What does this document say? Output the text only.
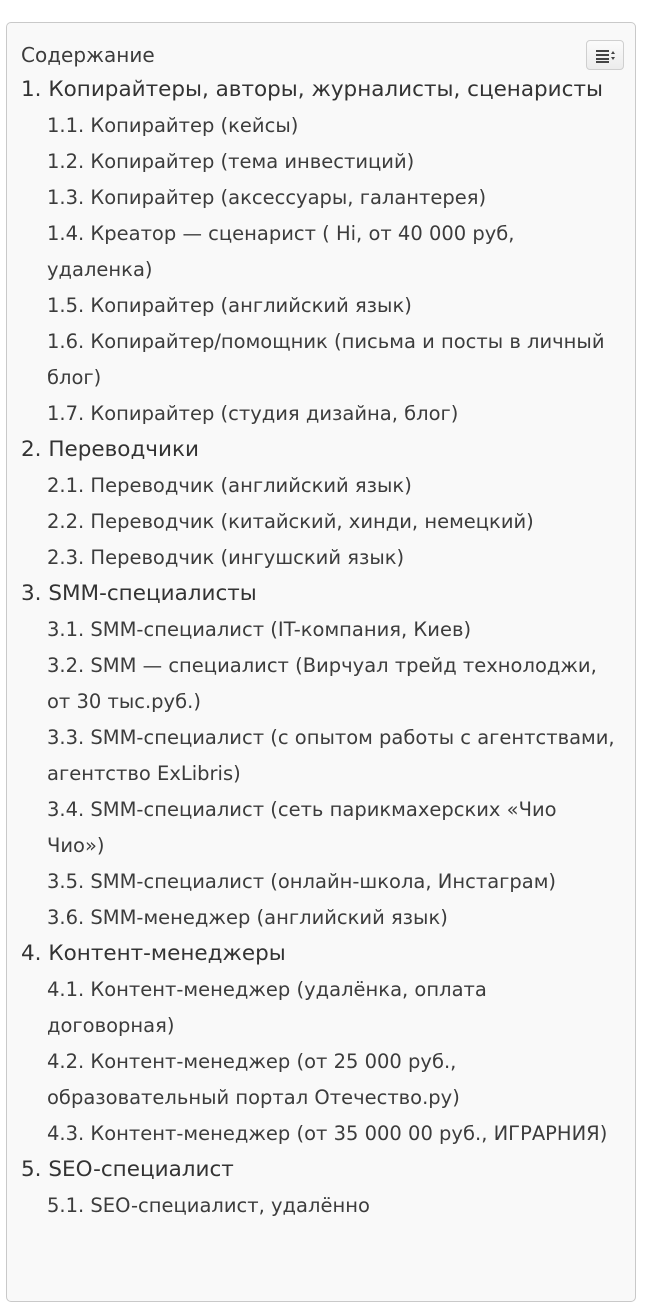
Содержание
1. Копирайтеры, авторы, журналисты, сценаристы
1.1. Копирайтер (кейсы)
1.2. Копирайтер (тема инвестиций)
1.3. Копирайтер (аксессуары, галантерея)
1.4. Креатор — сценарист ( Hi, от 40 000 руб, удаленка)
1.5. Копирайтер (английский язык)
1.6. Копирайтер/помощник (письма и посты в личный блог)
1.7. Копирайтер (студия дизайна, блог)
2. Переводчики
2.1. Переводчик (английский язык)
2.2. Переводчик (китайский, хинди, немецкий)
2.3. Переводчик (ингушский язык)
3. SMM-специалисты
3.1. SMM-специалист (IT-компания, Киев)
3.2. SMM — специалист (Вирчуал трейд технолоджи, от 30 тыс.руб.)
3.3. SMM-специалист (с опытом работы с агентствами, агентство ExLibris)
3.4. SMM-специалист (сеть парикмахерских «Чио Чио»)
3.5. SMM-специалист (онлайн-школа, Инстаграм)
3.6. SMM-менеджер (английский язык)
4. Контент-менеджеры
4.1. Контент-менеджер (удалёнка, оплата договорная)
4.2. Контент-менеджер (от 25 000 руб., образовательный портал Отечество.ру)
4.3. Контент-менеджер (от 35 000 00 руб., ИГРАРНИЯ)
5. SEO-специалист
5.1. SEO-специалист, удалённо
